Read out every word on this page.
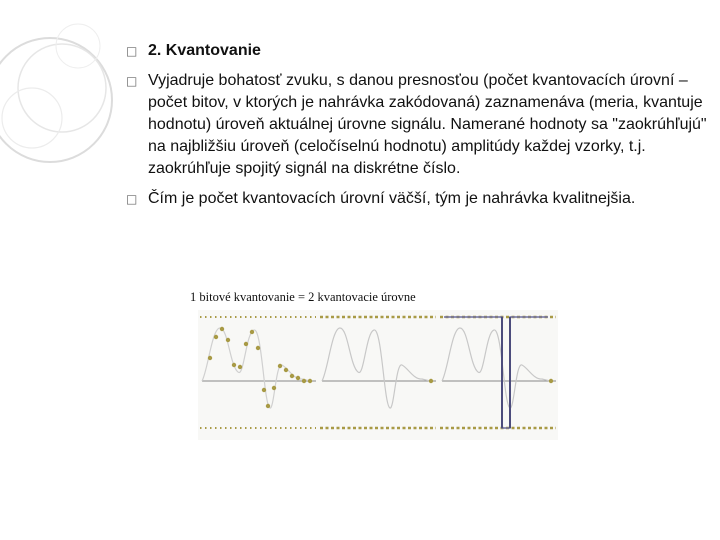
□ 2. Kvantovanie
□ Vyjadruje bohatosť zvuku, s danou presnosťou (počet kvantovacích úrovní – počet bitov, v ktorých je nahrávka zakódovaná) zaznamenáva (meria, kvantuje hodnotu) úroveň aktuálnej úrovne signálu. Namerané hodnoty sa "zaokrúhľujú" na najbližšiu úroveň (celočíselnú hodnotu) amplitúdy každej vzorky, t.j. zaokrúhľuje spojitý signál na diskrétne číslo.
□ Čím je počet kvantovacích úrovní väčší, tým je nahrávka kvalitnejšia.
1 bitové kvantovanie = 2 kvantovacie úrovne
